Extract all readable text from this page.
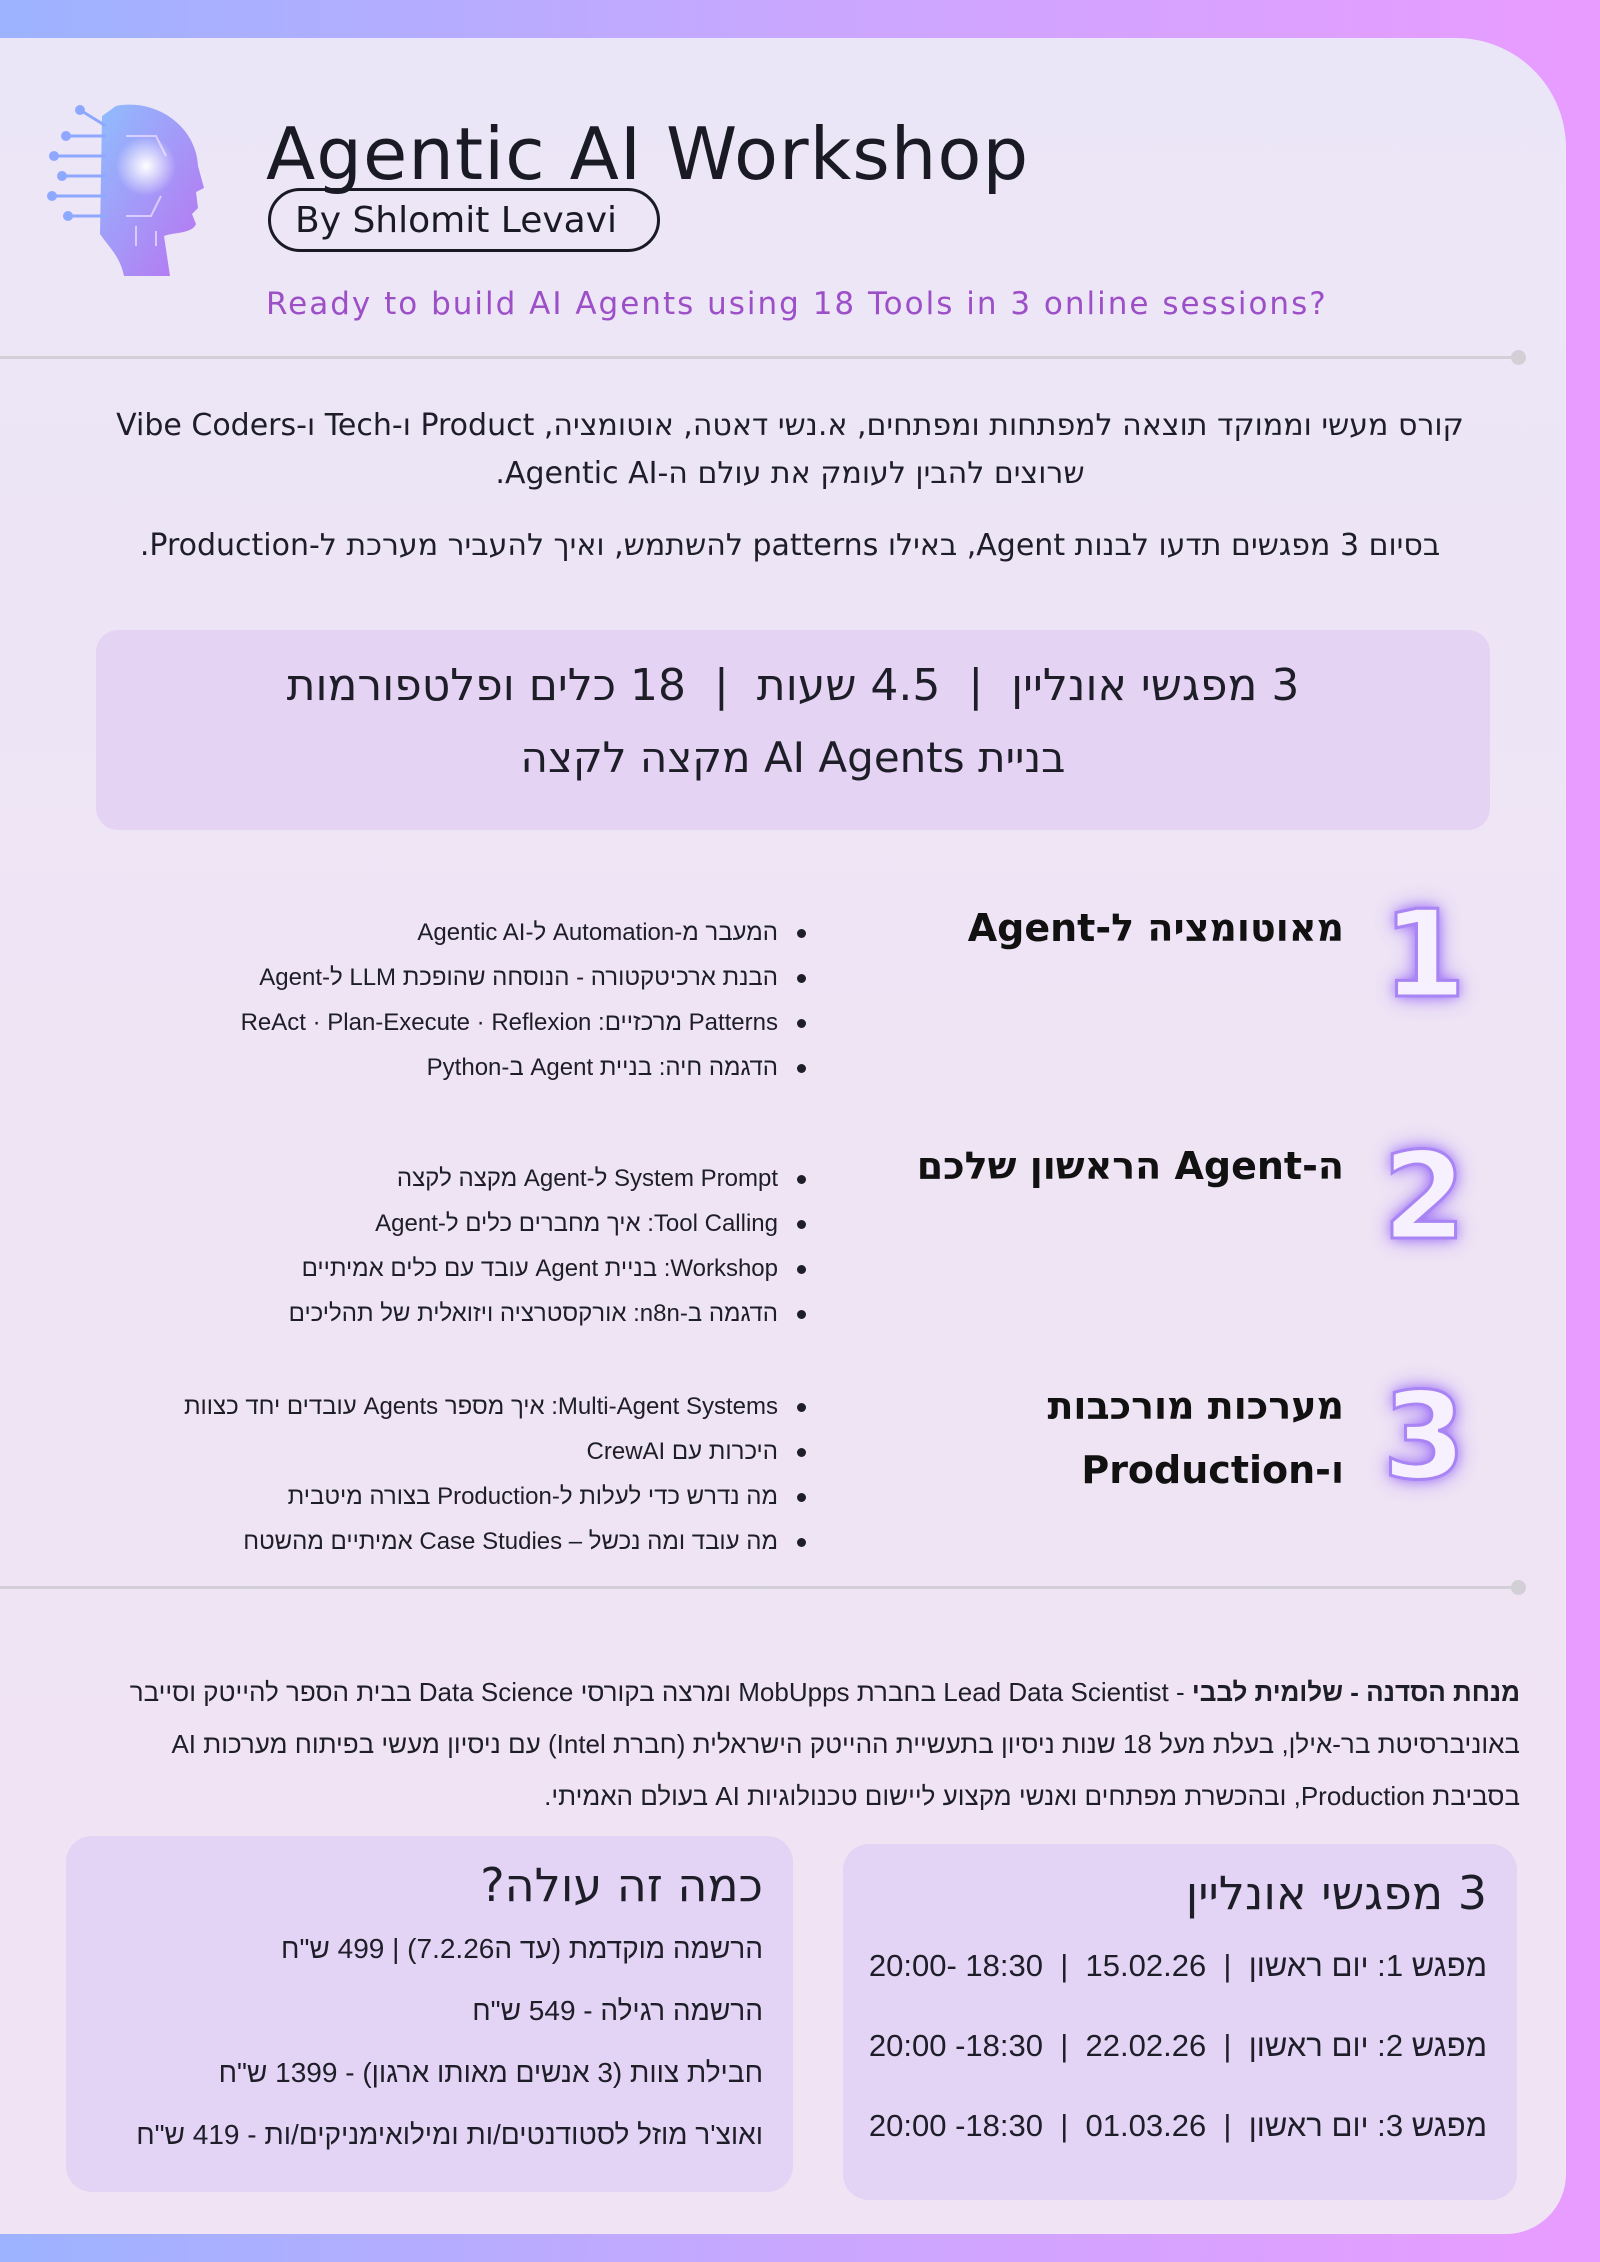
Agentic AI Workshop
By Shlomit Levavi
Ready to build AI Agents using 18 Tools in 3 online sessions?
קורס מעשי וממוקד תוצאה למפתחות ומפתחים, א.נשי דאטה, אוטומציה, Product ו-Tech ו-Vibe Coders
שרוצים להבין לעומק את עולם ה-Agentic AI.
בסיום 3 מפגשים תדעו לבנות Agent, באילו patterns להשתמש, ואיך להעביר מערכת ל-Production.
3 מפגשי אונליין  |  4.5 שעות  |  18 כלים ופלטפורמות
בניית AI Agents מקצה לקצה
1
מאוטומציה ל-Agent
המעבר מ-Automation ל-Agentic AI
הבנת ארכיטקטורה - הנוסחה שהופכת LLM ל-Agent
Patterns מרכזיים: ReAct · Plan-Execute · Reflexion
הדגמה חיה: בניית Agent ב-Python
2
ה-Agent הראשון שלכם
System Prompt ל-Agent מקצה לקצה
Tool Calling: איך מחברים כלים ל-Agent
Workshop: בניית Agent עובד עם כלים אמיתיים
הדגמה ב-n8n: אורקסטרציה ויזואלית של תהליכים
3
מערכות מורכבות
ו-Production
Multi-Agent Systems: איך מספר Agents עובדים יחד כצוות
היכרות עם CrewAI
מה נדרש כדי לעלות ל-Production בצורה מיטבית
מה עובד ומה נכשל – Case Studies אמיתיים מהשטח
מנחת הסדנה - שלומית לבבי - Lead Data Scientist בחברת MobUpps ומרצה בקורסי Data Science בבית הספר להייטק וסייבר
באוניברסיטת בר-אילן, בעלת מעל 18 שנות ניסיון בתעשיית ההייטק הישראלית (חברת Intel) עם ניסיון מעשי בפיתוח מערכות AI
בסביבת Production, ובהכשרת מפתחים ואנשי מקצוע ליישום טכנולוגיות AI בעולם האמיתי.
3 מפגשי אונליין
מפגש 1: יום ראשון  |  15.02.26  |  18:30 -20:00
מפגש 2: יום ראשון  |  22.02.26  |  18:30- 20:00
מפגש 3: יום ראשון  |  01.03.26  |  18:30- 20:00
כמה זה עולה?
הרשמה מוקדמת (עד ה7.2.26) | 499 ש"ח
הרשמה רגילה - 549 ש"ח
חבילת צוות (3 אנשים מאותו ארגון) - 1399 ש"ח
ואוצ'ר מוזל לסטודנטים/ות ומילואימניקים/ות - 419 ש"ח
